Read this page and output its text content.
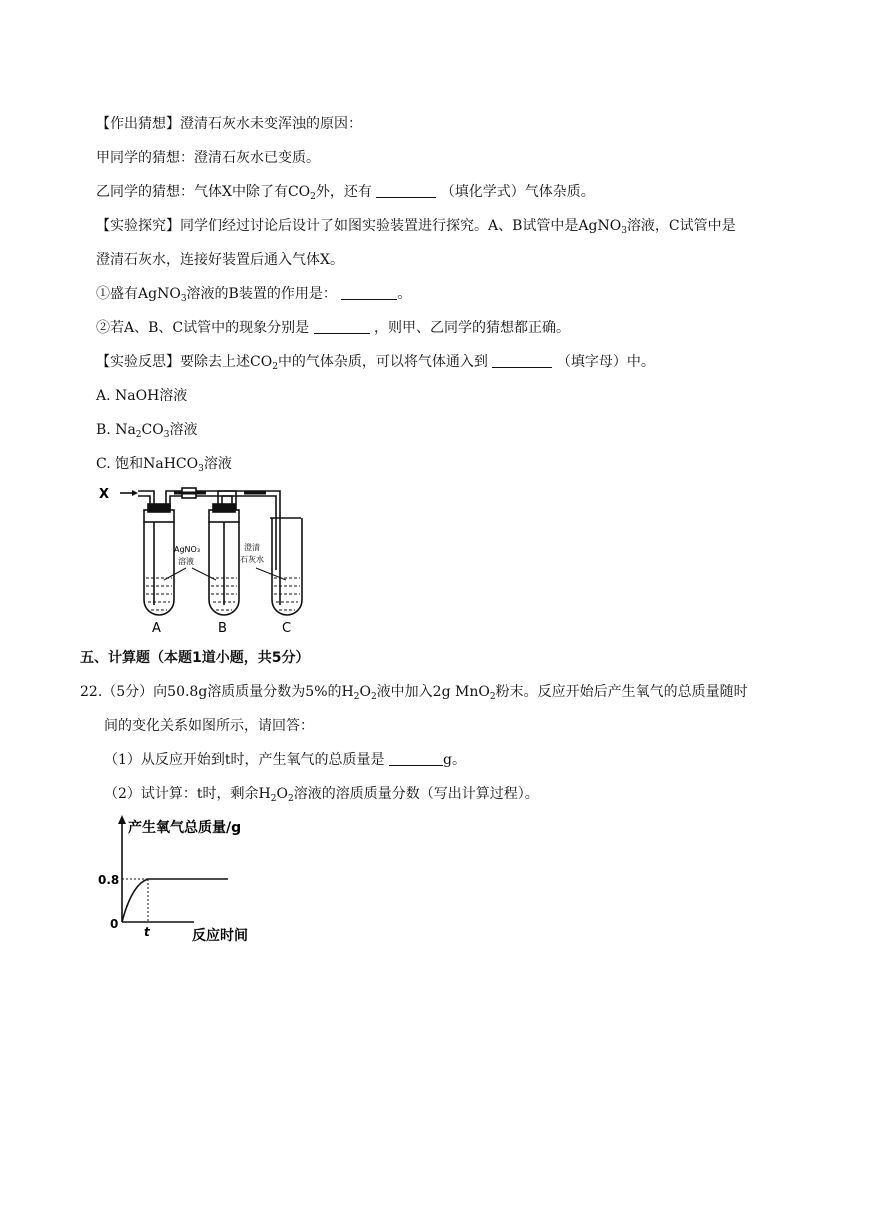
【作出猜想】澄清石灰水未变浑浊的原因：
甲同学的猜想：澄清石灰水已变质。
乙同学的猜想：气体X中除了有$CO_2$外，还有	（填化学式）气体杂质。
【实验探究】同学们经过讨论后设计了如图实验装置进行探究。A、B试管中是AgNO$_3$溶液，C试管中是
澄清石灰水，连接好装置后通入气体X。
①盛有AgNO$_3$溶液的B装置的作用是：	。
②若A、B、C试管中的现象分别是	，则甲、乙同学的猜想都正确。
【实验反思】要除去上述$CO_2$中的气体杂质，可以将气体通入到	（填字母）中。
A. NaOH溶液
B. $Na_2CO_3$溶液
C. 饱和NaHCO$_3$溶液
X
AgNO₃
溶液
澄清
石灰水
A	B	C
五、计算题（本题1道小题，共5分）
22.（5分）向50.8g溶质质量分数为5%的$H_2O_2$液中加入2g MnO$_2$粉末。反应开始后产生氧气的总质量随时
间的变化关系如图所示，请回答：
（1）从反应开始到t时，产生氧气的总质量是	g。
（2）试计算：t时，剩余$H_2O_2$溶液的溶质质量分数（写出计算过程）。
产生氧气总质量/g
0.8
0
t	反应时间
